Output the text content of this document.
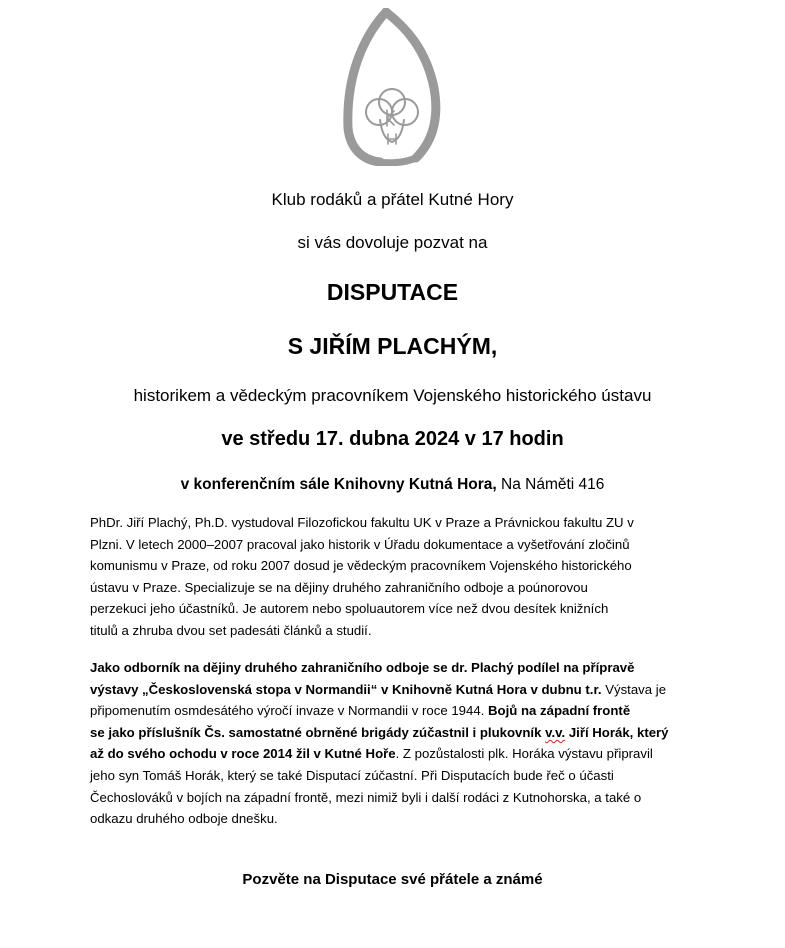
Klub rodáků a přátel Kutné Hory
si vás dovoluje pozvat na
DISPUTACE
S JIŘÍM PLACHÝM,
historikem a vědeckým pracovníkem Vojenského historického ústavu
ve středu 17. dubna 2024 v 17 hodin
v konferenčním sále Knihovny Kutná Hora, Na Náměti 416

PhDr. Jiří Plachý, Ph.D. vystudoval Filozofickou fakultu UK v Praze a Právnickou fakultu ZU v
Plzni. V letech 2000–2007 pracoval jako historik v Úřadu dokumentace a vyšetřování zločinů
komunismu v Praze, od roku 2007 dosud je vědeckým pracovníkem Vojenského historického
ústavu v Praze. Specializuje se na dějiny druhého zahraničního odboje a poúnorovou
perzekuci jeho účastníků. Je autorem nebo spoluautorem více než dvou desítek knižních
titulů a zhruba dvou set padesáti článků a studií.

Jako odborník na dějiny druhého zahraničního odboje se dr. Plachý podílel na přípravě
výstavy „Československá stopa v Normandii“ v Knihovně Kutná Hora v dubnu t.r. Výstava je
připomenutím osmdesátého výročí invaze v Normandii v roce 1944. Bojů na západní frontě
se jako příslušník Čs. samostatné obrněné brigády zúčastnil i plukovník v.v. Jiří Horák, který
až do svého ochodu v roce 2014 žil v Kutné Hoře. Z pozůstalosti plk. Horáka výstavu připravil
jeho syn Tomáš Horák, který se také Disputací zúčastní. Při Disputacích bude řeč o účasti
Čechoslováků v bojích na západní frontě, mezi nimiž byli i další rodáci z Kutnohorska, a také o
odkazu druhého odboje dnešku.

Pozvěte na Disputace své přátele a známé
